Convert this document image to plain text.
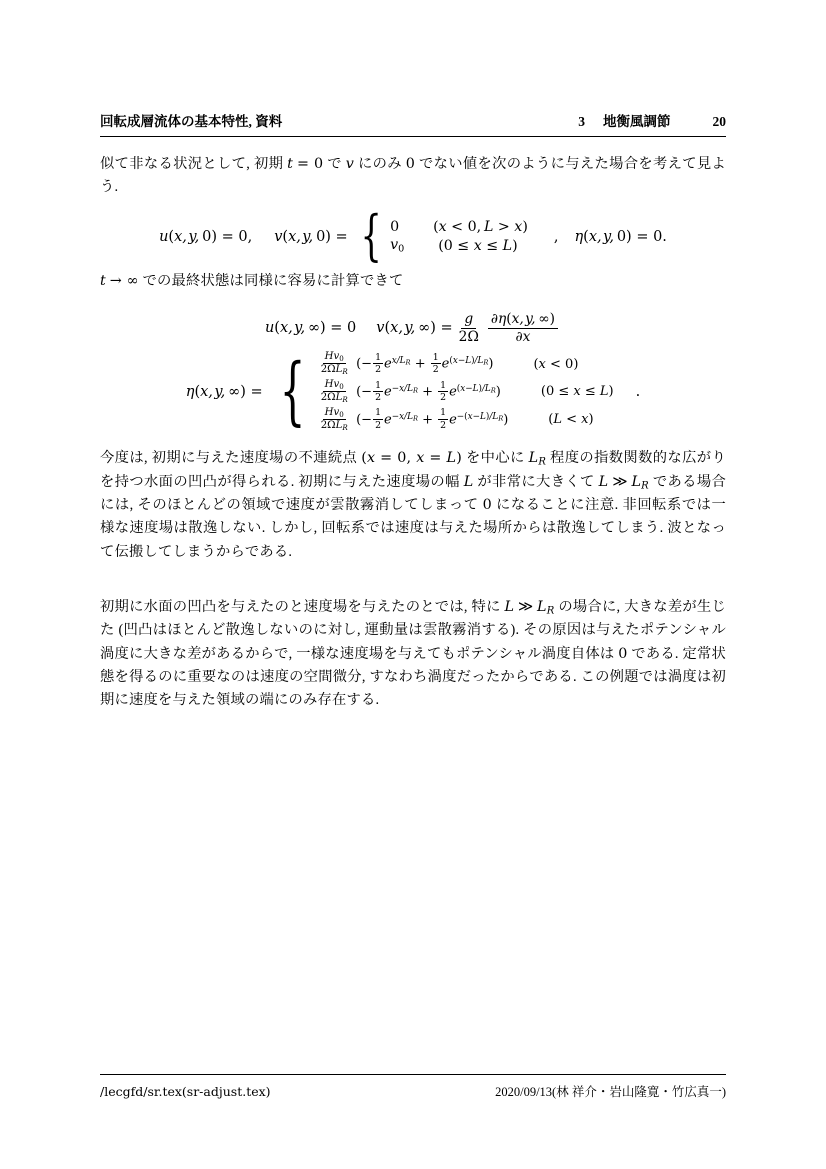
回転成層流体の基本特性, 資料	3 地衡風調節	20

似て非なる状況として, 初期 t = 0 で v にのみ 0 でない値を次のように与えた場合を考えて見よう.

u ( x, y,  0) = 0, v ( x, y,  0) = { 0 (x < 0, L > x)
$v_0$ (0 ≤ x ≤ L)
, η ( x, y,  0) = 0.

t → ∞ での最終状態は同様に容易に計算できて

u ( x, y,  ∞) = 0 v ( x, y,  ∞) = $\frac{g}{2\Omega} \frac{\partial\eta(x, y, \infty)}{\partial x}$
η ( x, y,  ∞) = { $\frac{Hv_0}{2\Omega L_R}$  (− $\frac{1}{2} e^{x/LR} + \frac{1}{2} e^{(x-L)/LR}$)	(x < 0)
$\frac{Hv_0}{2\Omega L_R}$  (− $\frac{1}{2} e^{-x/LR} + \frac{1}{2} e^{(x-L)/LR}$)	(0 ≤ x ≤ L)
$\frac{Hv_0}{2\Omega L_R}$  (− $\frac{1}{2} e^{-x/LR} + \frac{1}{2} e^{-(x-L)/LR}$)	(L < x)
.

今度は, 初期に与えた速度場の不連続点 (x = 0, x = L) を中心に LR 程度の指数関数的な広がりを持つ水面の凹凸が得られる. 初期に与えた速度場の幅 L が非常に大きくて L ≫ LR である場合には, そのほとんどの領域で速度が雲散霧消してしまって 0 になることに注意. 非回転系では一様な速度場は散逸しない. しかし, 回転系では速度は与えた場所からは散逸してしまう. 波となって伝搬してしまうからである.

初期に水面の凹凸を与えたのと速度場を与えたのとでは, 特に L ≫ LR の場合に, 大きな差が生じた (凹凸はほとんど散逸しないのに対し, 運動量は雲散霧消する). その原因は与えたポテンシャル渦度に大きな差があるからで, 一様な速度場を与えてもポテンシャル渦度自体は 0 である. 定常状態を得るのに重要なのは速度の空間微分, すなわち渦度だったからである. この例題では渦度は初期に速度を与えた領域の端にのみ存在する.

/lecgfd/sr.tex(sr-adjust.tex)	2020/09/13(林 祥介・岩山隆寛・竹広真一)
